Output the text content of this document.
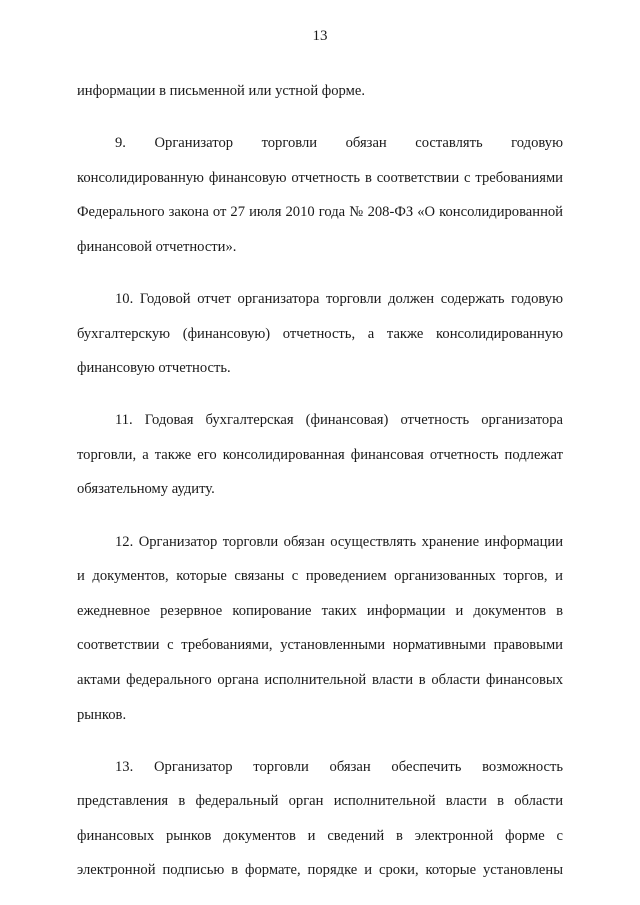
13

информации в письменной или устной форме.

9. Организатор торговли обязан составлять годовую консолидированную финансовую отчетность в соответствии с требованиями Федерального закона от 27 июля 2010 года № 208-ФЗ «О консолидированной финансовой отчетности».

10. Годовой отчет организатора торговли должен содержать годовую бухгалтерскую (финансовую) отчетность, а также консолидированную финансовую отчетность.

11. Годовая бухгалтерская (финансовая) отчетность организатора торговли, а также его консолидированная финансовая отчетность подлежат обязательному аудиту.

12. Организатор торговли обязан осуществлять хранение информации и документов, которые связаны с проведением организованных торгов, и ежедневное резервное копирование таких информации и документов в соответствии с требованиями, установленными нормативными правовыми актами федерального органа исполнительной власти в области финансовых рынков.

13. Организатор торговли обязан обеспечить возможность представления в федеральный орган исполнительной власти в области финансовых рынков документов и сведений в электронной форме с электронной подписью в формате, порядке и сроки, которые установлены
